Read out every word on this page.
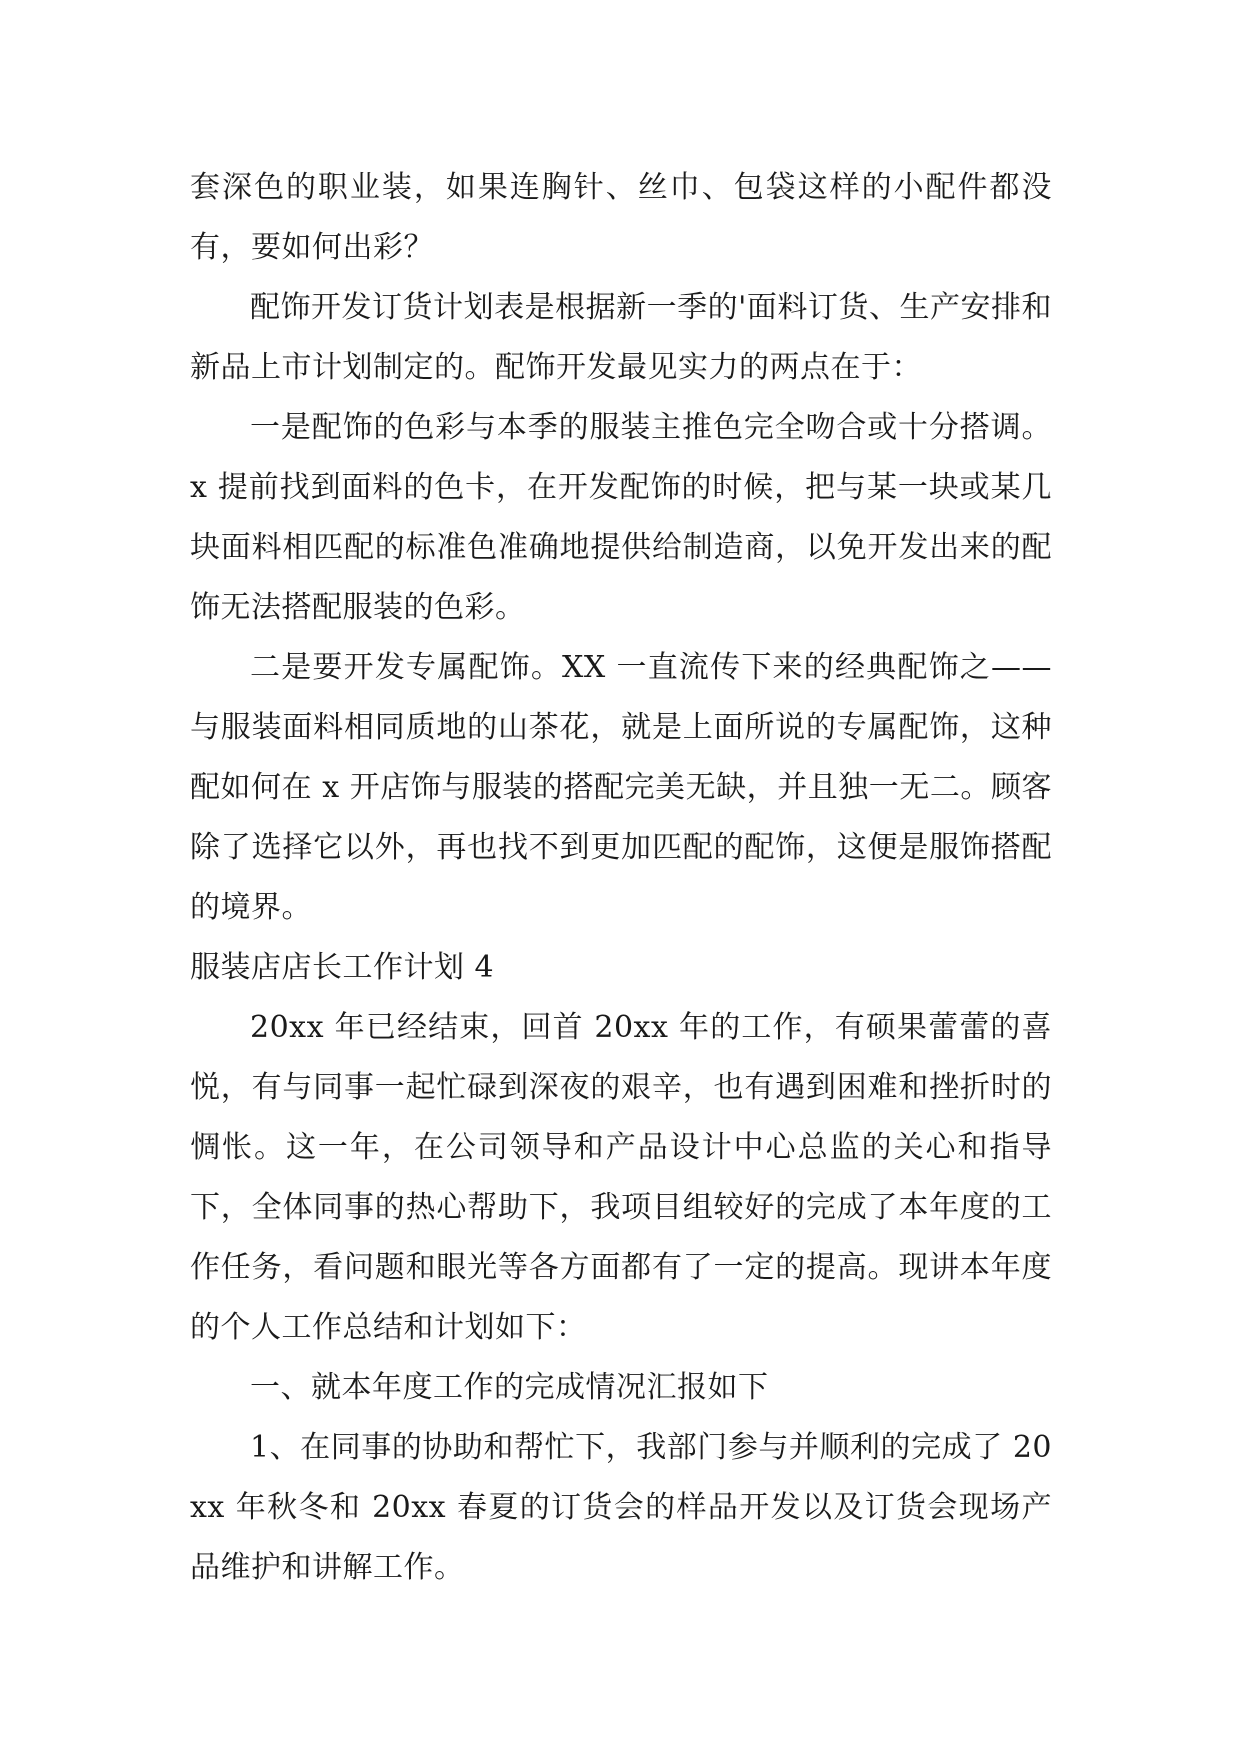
套深色的职业装，如果连胸针、丝巾、包袋这样的小配件都没有，要如何出彩？

配饰开发订货计划表是根据新一季的'面料订货、生产安排和新品上市计划制定的。配饰开发最见实力的两点在于：

一是配饰的色彩与本季的服装主推色完全吻合或十分搭调。x 提前找到面料的色卡，在开发配饰的时候，把与某一块或某几块面料相匹配的标准色准确地提供给制造商，以免开发出来的配饰无法搭配服装的色彩。

二是要开发专属配饰。XX 一直流传下来的经典配饰之——与服装面料相同质地的山茶花，就是上面所说的专属配饰，这种配如何在 x 开店饰与服装的搭配完美无缺，并且独一无二。顾客除了选择它以外，再也找不到更加匹配的配饰，这便是服饰搭配的境界。

服装店店长工作计划 4

20xx 年已经结束，回首 20xx 年的工作，有硕果蕾蕾的喜悦，有与同事一起忙碌到深夜的艰辛，也有遇到困难和挫折时的惆怅。这一年，在公司领导和产品设计中心总监的关心和指导下，全体同事的热心帮助下，我项目组较好的完成了本年度的工作任务，看问题和眼光等各方面都有了一定的提高。现讲本年度的个人工作总结和计划如下：

一、就本年度工作的完成情况汇报如下

1、在同事的协助和帮忙下，我部门参与并顺利的完成了 20xx 年秋冬和 20xx 春夏的订货会的样品开发以及订货会现场产品维护和讲解工作。
